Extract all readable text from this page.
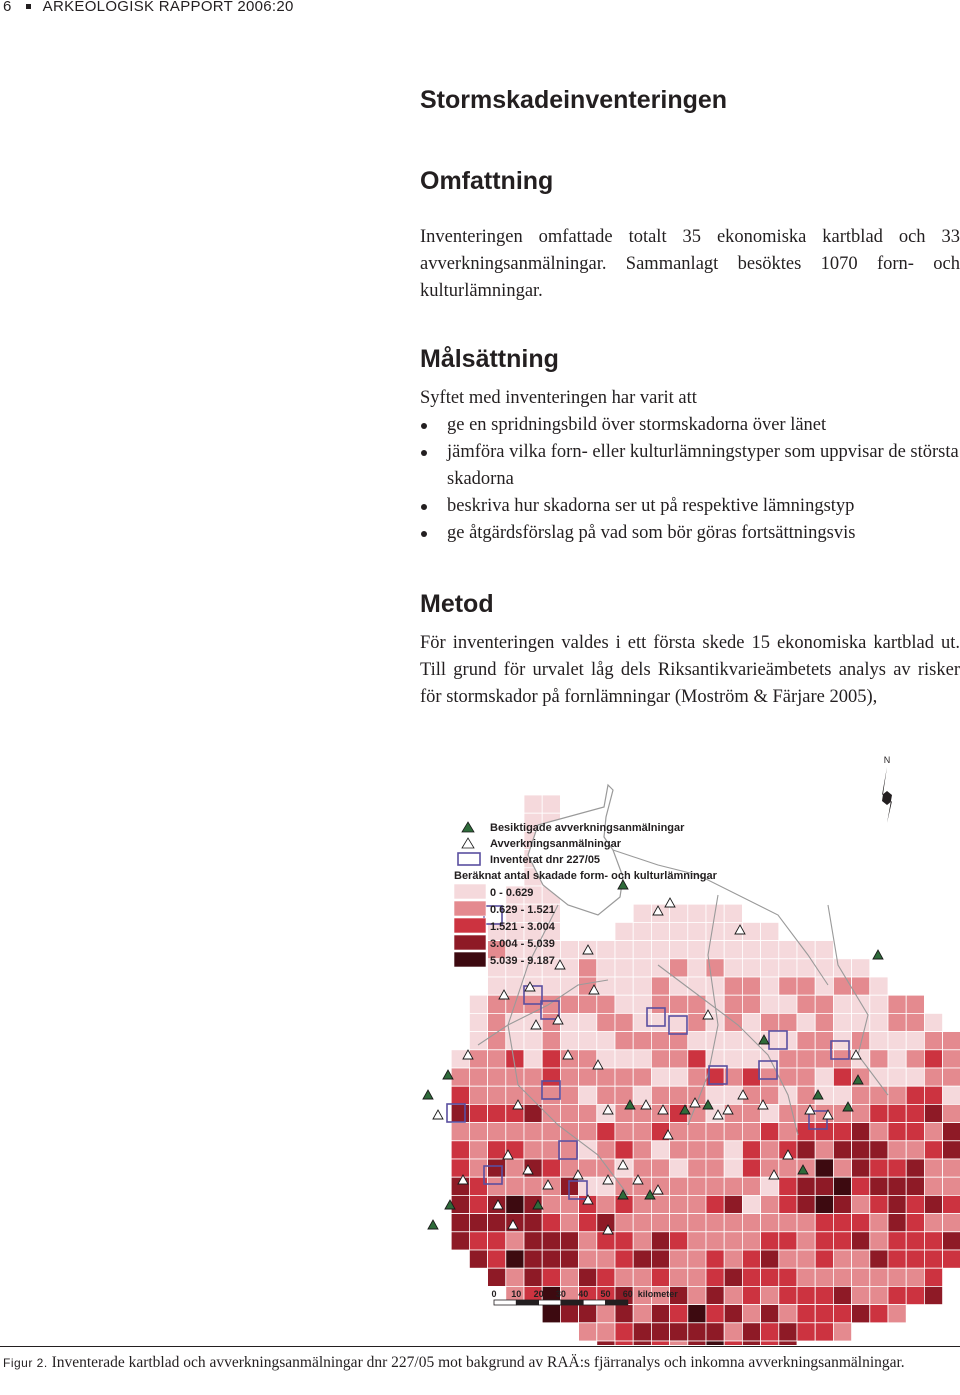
6 ARKEOLOGISK RAPPORT 2006:20
Stormskadeinventeringen
Omfattning

Inventeringen omfattade totalt 35 ekonomiska kartblad och 33 avverkningsanmälningar. Sammanlagt besöktes 1070 forn- och kulturlämningar.

Målsättning

Syftet med inventeringen har varit att

ge en spridningsbild över stormskadorna över länet
jämföra vilka forn- eller kulturlämningstyper som uppvisar de största skadorna
beskriva hur skadorna ser ut på respektive lämningstyp
ge åtgärdsförslag på vad som bör göras fortsättningsvis
Metod

För inventeringen valdes i ett första skede 15 ekonomiska kartblad ut. Till grund för urvalet låg dels Riksantikvarieämbetets analys av risker för stormskador på fornlämningar (Moström & Färjare 2005),

Besiktigade avverkningsanmälningar
Avverkningsanmälningar
Inventerat dnr 227/05
Beräknat antal skadade form- och kulturlämningar
0 - 0.629
0.629 - 1.521
1.521 - 3.004
3.004 - 5.039
5.039 - 9.187
N
0 10 20 30 40 50 60 kilometer

Figur 2. Inventerade kartblad och avverkningsanmälningar dnr 227/05 mot bakgrund av RAÄ:s fjärranalys och inkomna avverkningsanmälningar.
